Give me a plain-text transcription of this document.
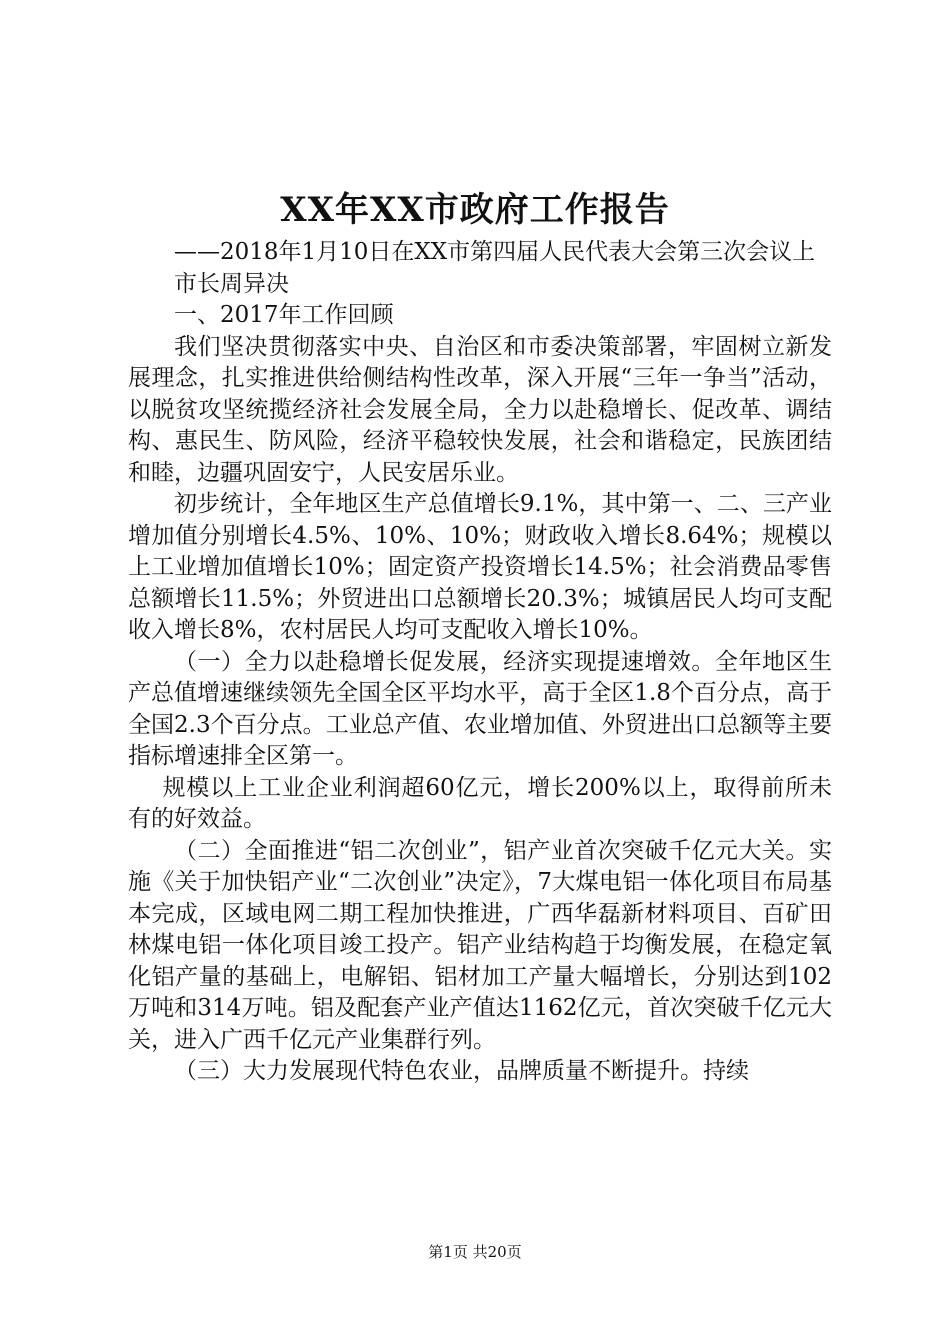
XX年XX市政府工作报告

——2018年1月10日在XX市第四届人民代表大会第三次会议上

市长周异决

一、2017年工作回顾

我们坚决贯彻落实中央、自治区和市委决策部署，牢固树立新发展理念，扎实推进供给侧结构性改革，深入开展“三年一争当”活动，以脱贫攻坚统揽经济社会发展全局，全力以赴稳增长、促改革、调结构、惠民生、防风险，经济平稳较快发展，社会和谐稳定，民族团结和睦，边疆巩固安宁，人民安居乐业。

初步统计，全年地区生产总值增长9.1%，其中第一、二、三产业增加值分别增长4.5%、10%、10%；财政收入增长8.64%；规模以上工业增加值增长10%；固定资产投资增长14.5%；社会消费品零售总额增长11.5%；外贸进出口总额增长20.3%；城镇居民人均可支配收入增长8%，农村居民人均可支配收入增长10%。

（一）全力以赴稳增长促发展，经济实现提速增效。全年地区生产总值增速继续领先全国全区平均水平，高于全区1.8个百分点，高于全国2.3个百分点。工业总产值、农业增加值、外贸进出口总额等主要指标增速排全区第一。

规模以上工业企业利润超60亿元，增长200%以上，取得前所未有的好效益。

（二）全面推进“铝二次创业”，铝产业首次突破千亿元大关。实施《关于加快铝产业“二次创业”决定》，7大煤电铝一体化项目布局基本完成，区域电网二期工程加快推进，广西华磊新材料项目、百矿田林煤电铝一体化项目竣工投产。铝产业结构趋于均衡发展，在稳定氧化铝产量的基础上，电解铝、铝材加工产量大幅增长，分别达到102万吨和314万吨。铝及配套产业产值达1162亿元，首次突破千亿元大关，进入广西千亿元产业集群行列。

（三）大力发展现代特色农业，品牌质量不断提升。持续

第1页 共20页
